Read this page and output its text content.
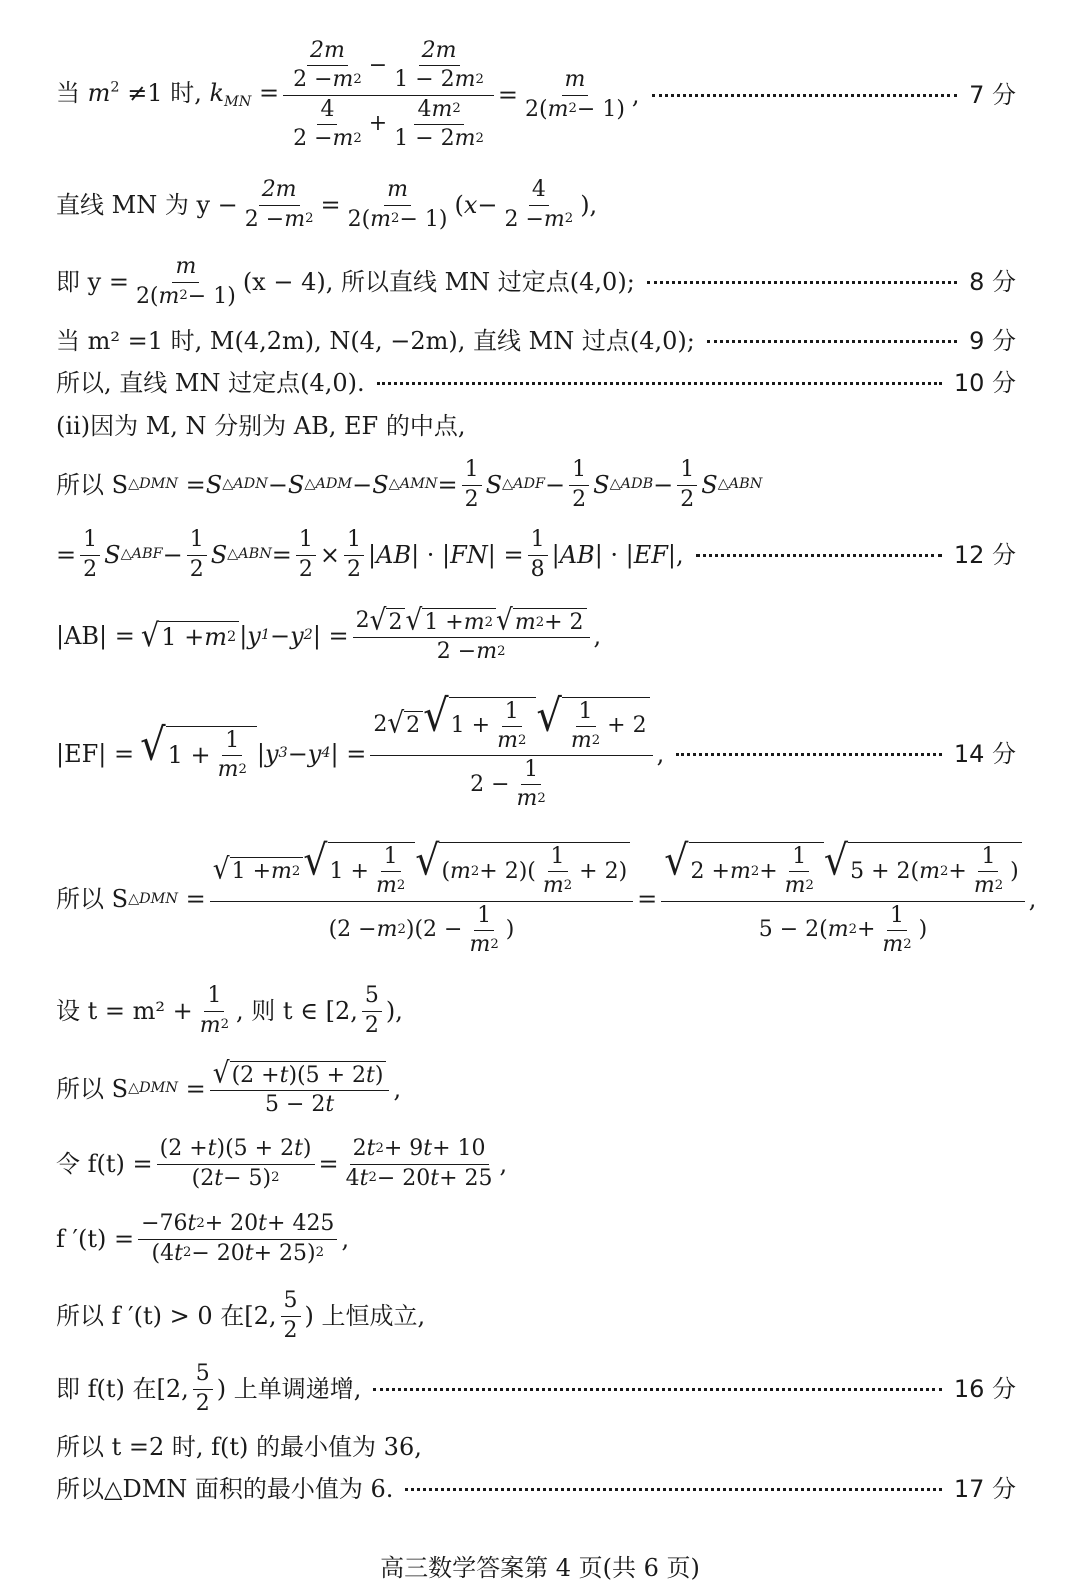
当 $m^2 \ne 1$ 时, $k_{MN} = \frac{\frac{2m}{2 - m 2} - \frac{2m}{1 - 2 m 2}}{\frac{4}{2 - m 2} + \frac{4 m 2}{1 - 2 m 2}} = \frac{m}{2( m 2 - 1)}$ ,	7 分
直线 MN 为 $y - \frac{2m}{2 - m 2} = \frac{m}{2( m 2 - 1)}$ ( $x - \frac{4}{2 - m 2}$ ),
即 $y = \frac{m}{2( m 2 - 1)} (x - 4)$, 所以直线 MN 过定点(4,0);	8 分
当 m² =1 时, M(4,2m), N(4, −2m), 直线 MN 过点(4,0);	9 分
所以, 直线 MN 过定点(4,0).	10 分
(ⅱ)因为 M, N 分别为 AB, EF 的中点,
所以 S △DMN = S △ADN − S △ADM − S △AMN = $\frac{1}{2}$ S △ADF − $\frac{1}{2}$ S △ADB − $\frac{1}{2}$ S △ABN
= $\frac{1}{2}$ S △ABF − $\frac{1}{2}$ S △ABN = $\frac{1}{2} \times \frac{1}{2}$ | AB | · | FN | = $\frac{1}{8}$ | AB | · | EF |,	12 分
|AB| = √ 1 + m 2 | y 1 − y 2 | = $\frac{2 √ 2 √ 1 + m 2 √ m 2 + 2}{2 - m 2}$ ,
|EF| = √ $1 + \frac{1}{m 2}$ | y 3 − y 4 | = $\frac{2 √ 2 √ 1 + \frac{1}{m 2} √ \frac{1}{m 2} + 2}{2 - \frac{1}{m 2}}$ ,	14 分
所以 S △DMN = $\frac{√ 1 + m 2 √ 1 + \frac{1}{m 2} √ ( m 2 + 2)( \frac{1}{m 2} + 2)}{(2 - m 2 )(2 - \frac{1}{m 2} )} = \frac{√ 2 + m 2 + \frac{1}{m 2} √ 5 + 2( m 2 + \frac{1}{m 2} )}{5 - 2( m 2 + \frac{1}{m 2} )}$ ,
设 $t = m^2 + \frac{1}{m 2}$ , 则 t ∈ [2, $\frac{5}{2}$ ),
所以 S △DMN = $\frac{√ (2 + t )(5 + 2 t )}{5 - 2 t}$ ,
令 $f(t) = \frac{(2 + t )(5 + 2 t )}{(2 t - 5) 2} = \frac{2 t 2 + 9 t + 10}{4 t 2 - 20 t + 25}$ ,
f $'(t) = \frac{-76 t 2 + 20 t + 425}{(4 t 2 - 20 t + 25) 2}$ ,
所以 f ′(t) > 0 在[2, $\frac{5}{2}$ ) 上恒成立,
即 f(t) 在[2, $\frac{5}{2}$ ) 上单调递增,	16 分
所以 t =2 时, f(t) 的最小值为 36,
所以△DMN 面积的最小值为 6.	17 分
高三数学答案第 4 页(共 6 页)
